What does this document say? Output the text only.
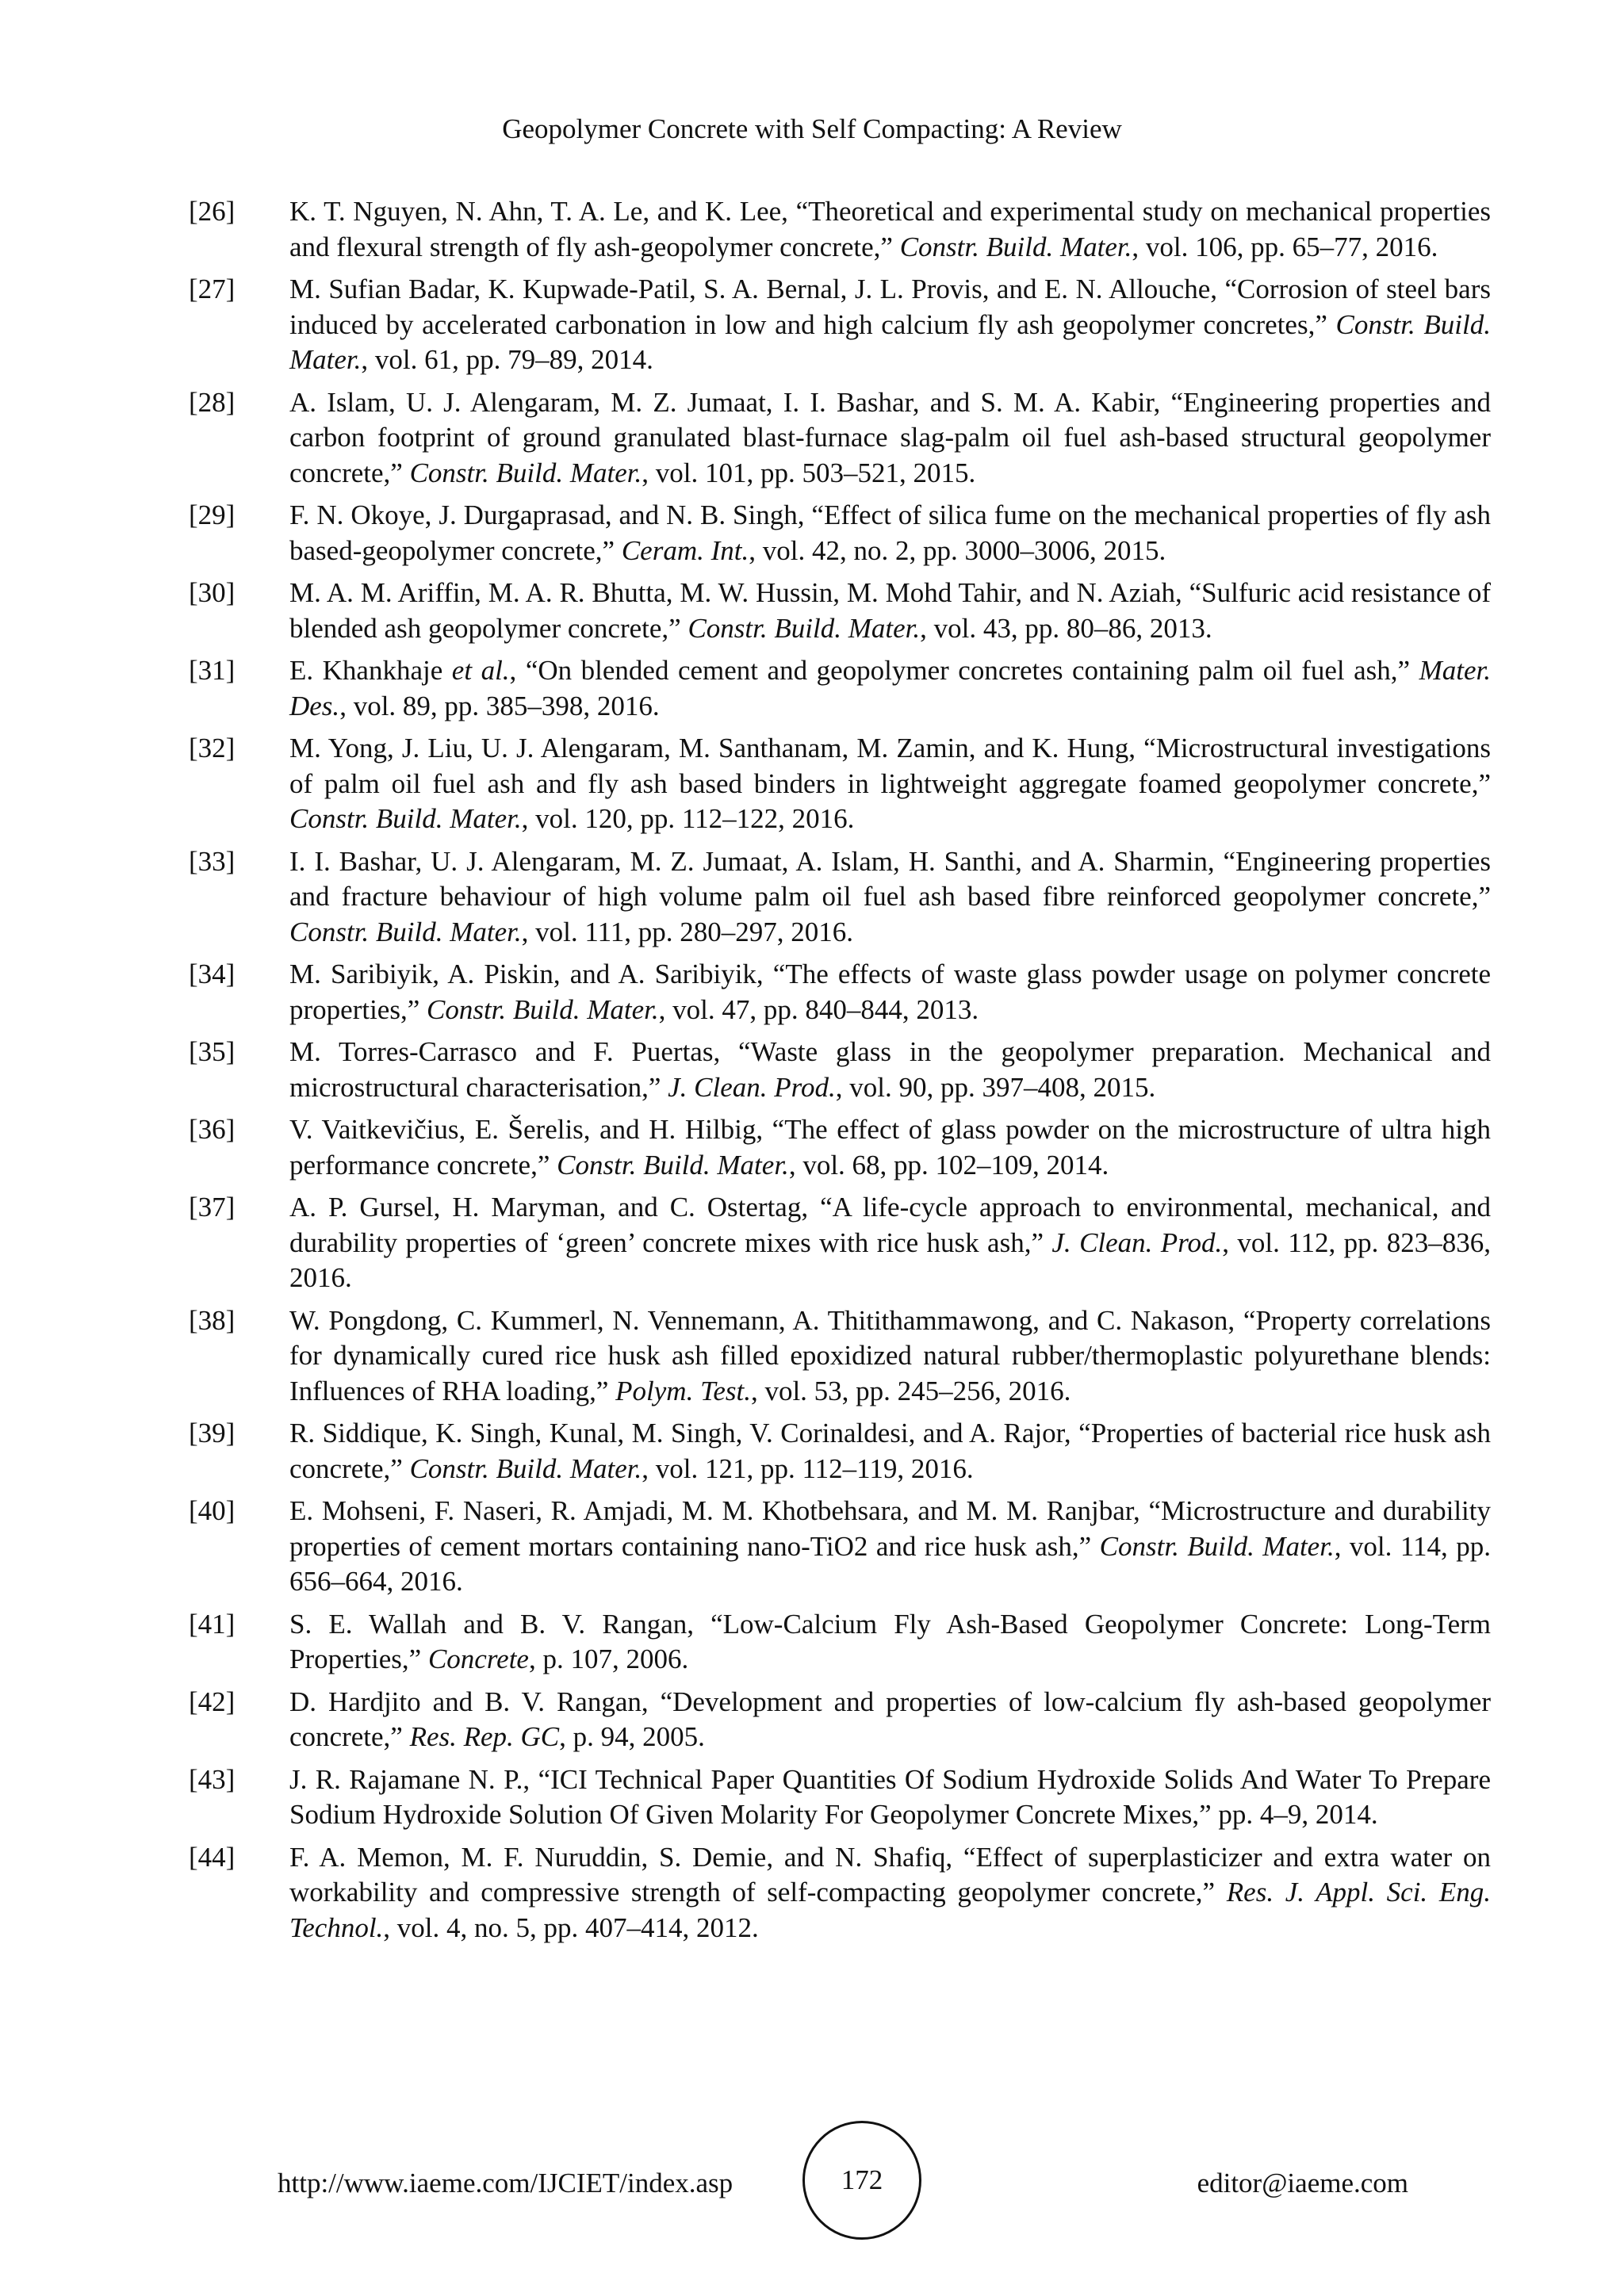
Geopolymer Concrete with Self Compacting: A Review
[26] K. T. Nguyen, N. Ahn, T. A. Le, and K. Lee, “Theoretical and experimental study on mechanical properties and flexural strength of fly ash-geopolymer concrete,” Constr. Build. Mater., vol. 106, pp. 65–77, 2016.
[27] M. Sufian Badar, K. Kupwade-Patil, S. A. Bernal, J. L. Provis, and E. N. Allouche, “Corrosion of steel bars induced by accelerated carbonation in low and high calcium fly ash geopolymer concretes,” Constr. Build. Mater., vol. 61, pp. 79–89, 2014.
[28] A. Islam, U. J. Alengaram, M. Z. Jumaat, I. I. Bashar, and S. M. A. Kabir, “Engineering properties and carbon footprint of ground granulated blast-furnace slag-palm oil fuel ash-based structural geopolymer concrete,” Constr. Build. Mater., vol. 101, pp. 503–521, 2015.
[29] F. N. Okoye, J. Durgaprasad, and N. B. Singh, “Effect of silica fume on the mechanical properties of fly ash based-geopolymer concrete,” Ceram. Int., vol. 42, no. 2, pp. 3000–3006, 2015.
[30] M. A. M. Ariffin, M. A. R. Bhutta, M. W. Hussin, M. Mohd Tahir, and N. Aziah, “Sulfuric acid resistance of blended ash geopolymer concrete,” Constr. Build. Mater., vol. 43, pp. 80–86, 2013.
[31] E. Khankhaje et al., “On blended cement and geopolymer concretes containing palm oil fuel ash,” Mater. Des., vol. 89, pp. 385–398, 2016.
[32] M. Yong, J. Liu, U. J. Alengaram, M. Santhanam, M. Zamin, and K. Hung, “Microstructural investigations of palm oil fuel ash and fly ash based binders in lightweight aggregate foamed geopolymer concrete,” Constr. Build. Mater., vol. 120, pp. 112–122, 2016.
[33] I. I. Bashar, U. J. Alengaram, M. Z. Jumaat, A. Islam, H. Santhi, and A. Sharmin, “Engineering properties and fracture behaviour of high volume palm oil fuel ash based fibre reinforced geopolymer concrete,” Constr. Build. Mater., vol. 111, pp. 280–297, 2016.
[34] M. Saribiyik, A. Piskin, and A. Saribiyik, “The effects of waste glass powder usage on polymer concrete properties,” Constr. Build. Mater., vol. 47, pp. 840–844, 2013.
[35] M. Torres-Carrasco and F. Puertas, “Waste glass in the geopolymer preparation. Mechanical and microstructural characterisation,” J. Clean. Prod., vol. 90, pp. 397–408, 2015.
[36] V. Vaitkevičius, E. Šerelis, and H. Hilbig, “The effect of glass powder on the microstructure of ultra high performance concrete,” Constr. Build. Mater., vol. 68, pp. 102–109, 2014.
[37] A. P. Gursel, H. Maryman, and C. Ostertag, “A life-cycle approach to environmental, mechanical, and durability properties of ‘green’ concrete mixes with rice husk ash,” J. Clean. Prod., vol. 112, pp. 823–836, 2016.
[38] W. Pongdong, C. Kummerl, N. Vennemann, A. Thitithammawong, and C. Nakason, “Property correlations for dynamically cured rice husk ash filled epoxidized natural rubber/thermoplastic polyurethane blends: Influences of RHA loading,” Polym. Test., vol. 53, pp. 245–256, 2016.
[39] R. Siddique, K. Singh, Kunal, M. Singh, V. Corinaldesi, and A. Rajor, “Properties of bacterial rice husk ash concrete,” Constr. Build. Mater., vol. 121, pp. 112–119, 2016.
[40] E. Mohseni, F. Naseri, R. Amjadi, M. M. Khotbehsara, and M. M. Ranjbar, “Microstructure and durability properties of cement mortars containing nano-TiO2 and rice husk ash,” Constr. Build. Mater., vol. 114, pp. 656–664, 2016.
[41] S. E. Wallah and B. V. Rangan, “Low-Calcium Fly Ash-Based Geopolymer Concrete: Long-Term Properties,” Concrete, p. 107, 2006.
[42] D. Hardjito and B. V. Rangan, “Development and properties of low-calcium fly ash-based geopolymer concrete,” Res. Rep. GC, p. 94, 2005.
[43] J. R. Rajamane N. P., “ICI Technical Paper Quantities Of Sodium Hydroxide Solids And Water To Prepare Sodium Hydroxide Solution Of Given Molarity For Geopolymer Concrete Mixes,” pp. 4–9, 2014.
[44] F. A. Memon, M. F. Nuruddin, S. Demie, and N. Shafiq, “Effect of superplasticizer and extra water on workability and compressive strength of self-compacting geopolymer concrete,” Res. J. Appl. Sci. Eng. Technol., vol. 4, no. 5, pp. 407–414, 2012.
http://www.iaeme.com/IJCIET/index.asp	172	editor@iaeme.com
